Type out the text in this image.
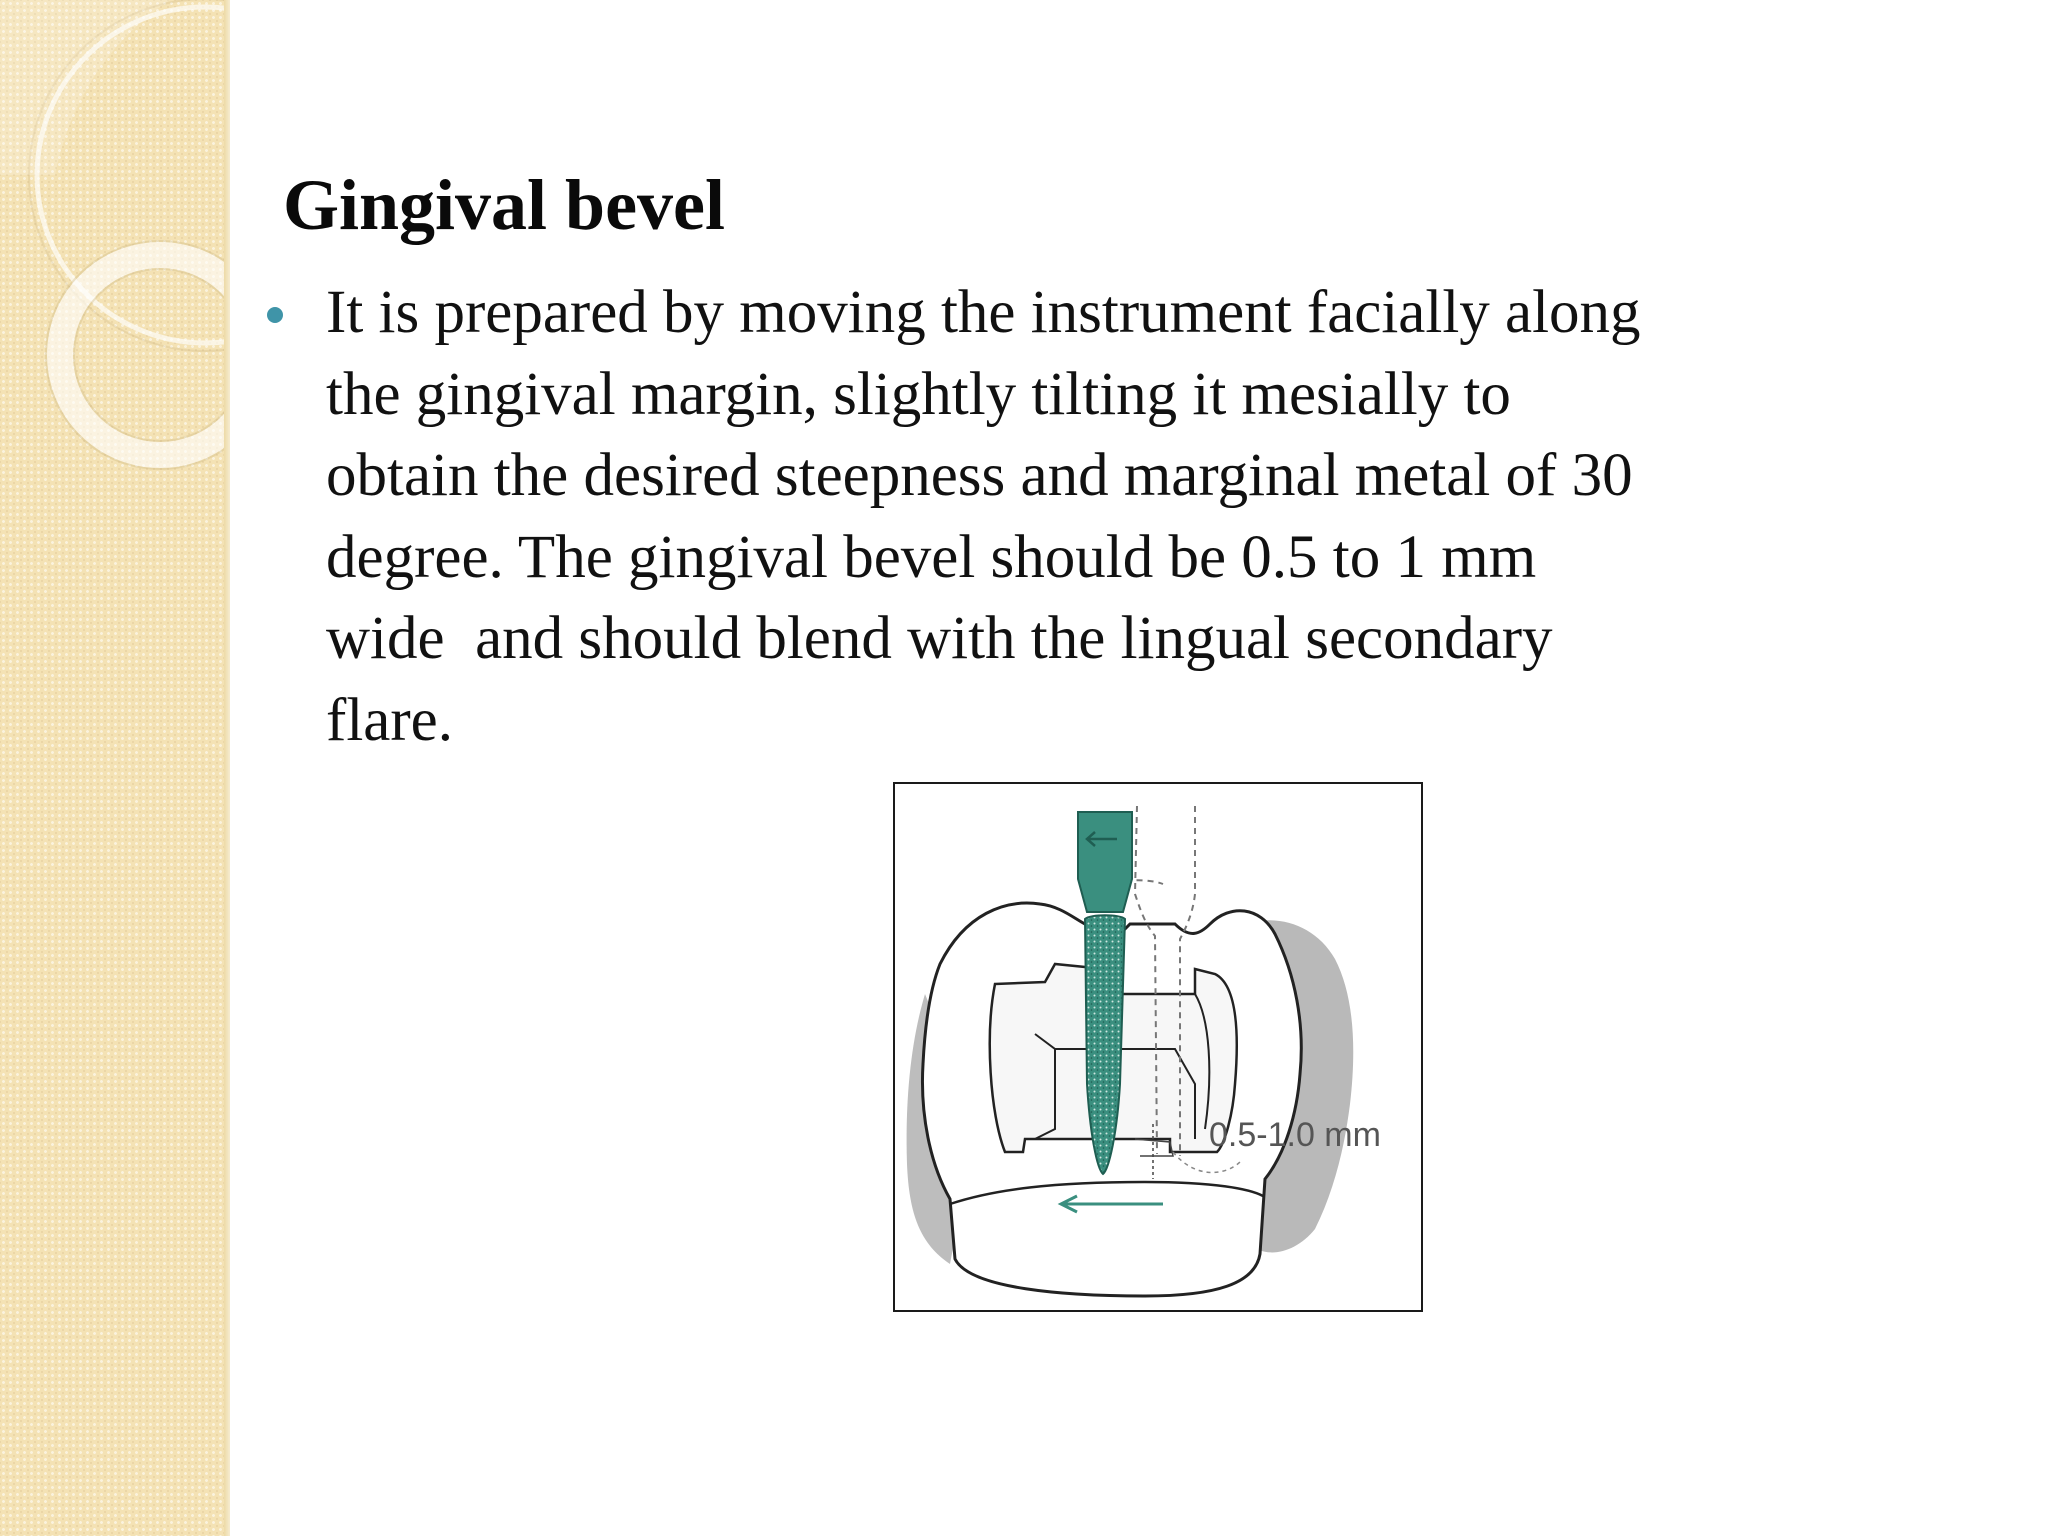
Gingival bevel
It is prepared by moving the instrument facially along
the gingival margin, slightly tilting it mesially to
obtain the desired steepness and marginal metal of 30
degree. The gingival bevel should be 0.5 to 1 mm
wide  and should blend with the lingual secondary
flare.
0.5-1.0 mm
